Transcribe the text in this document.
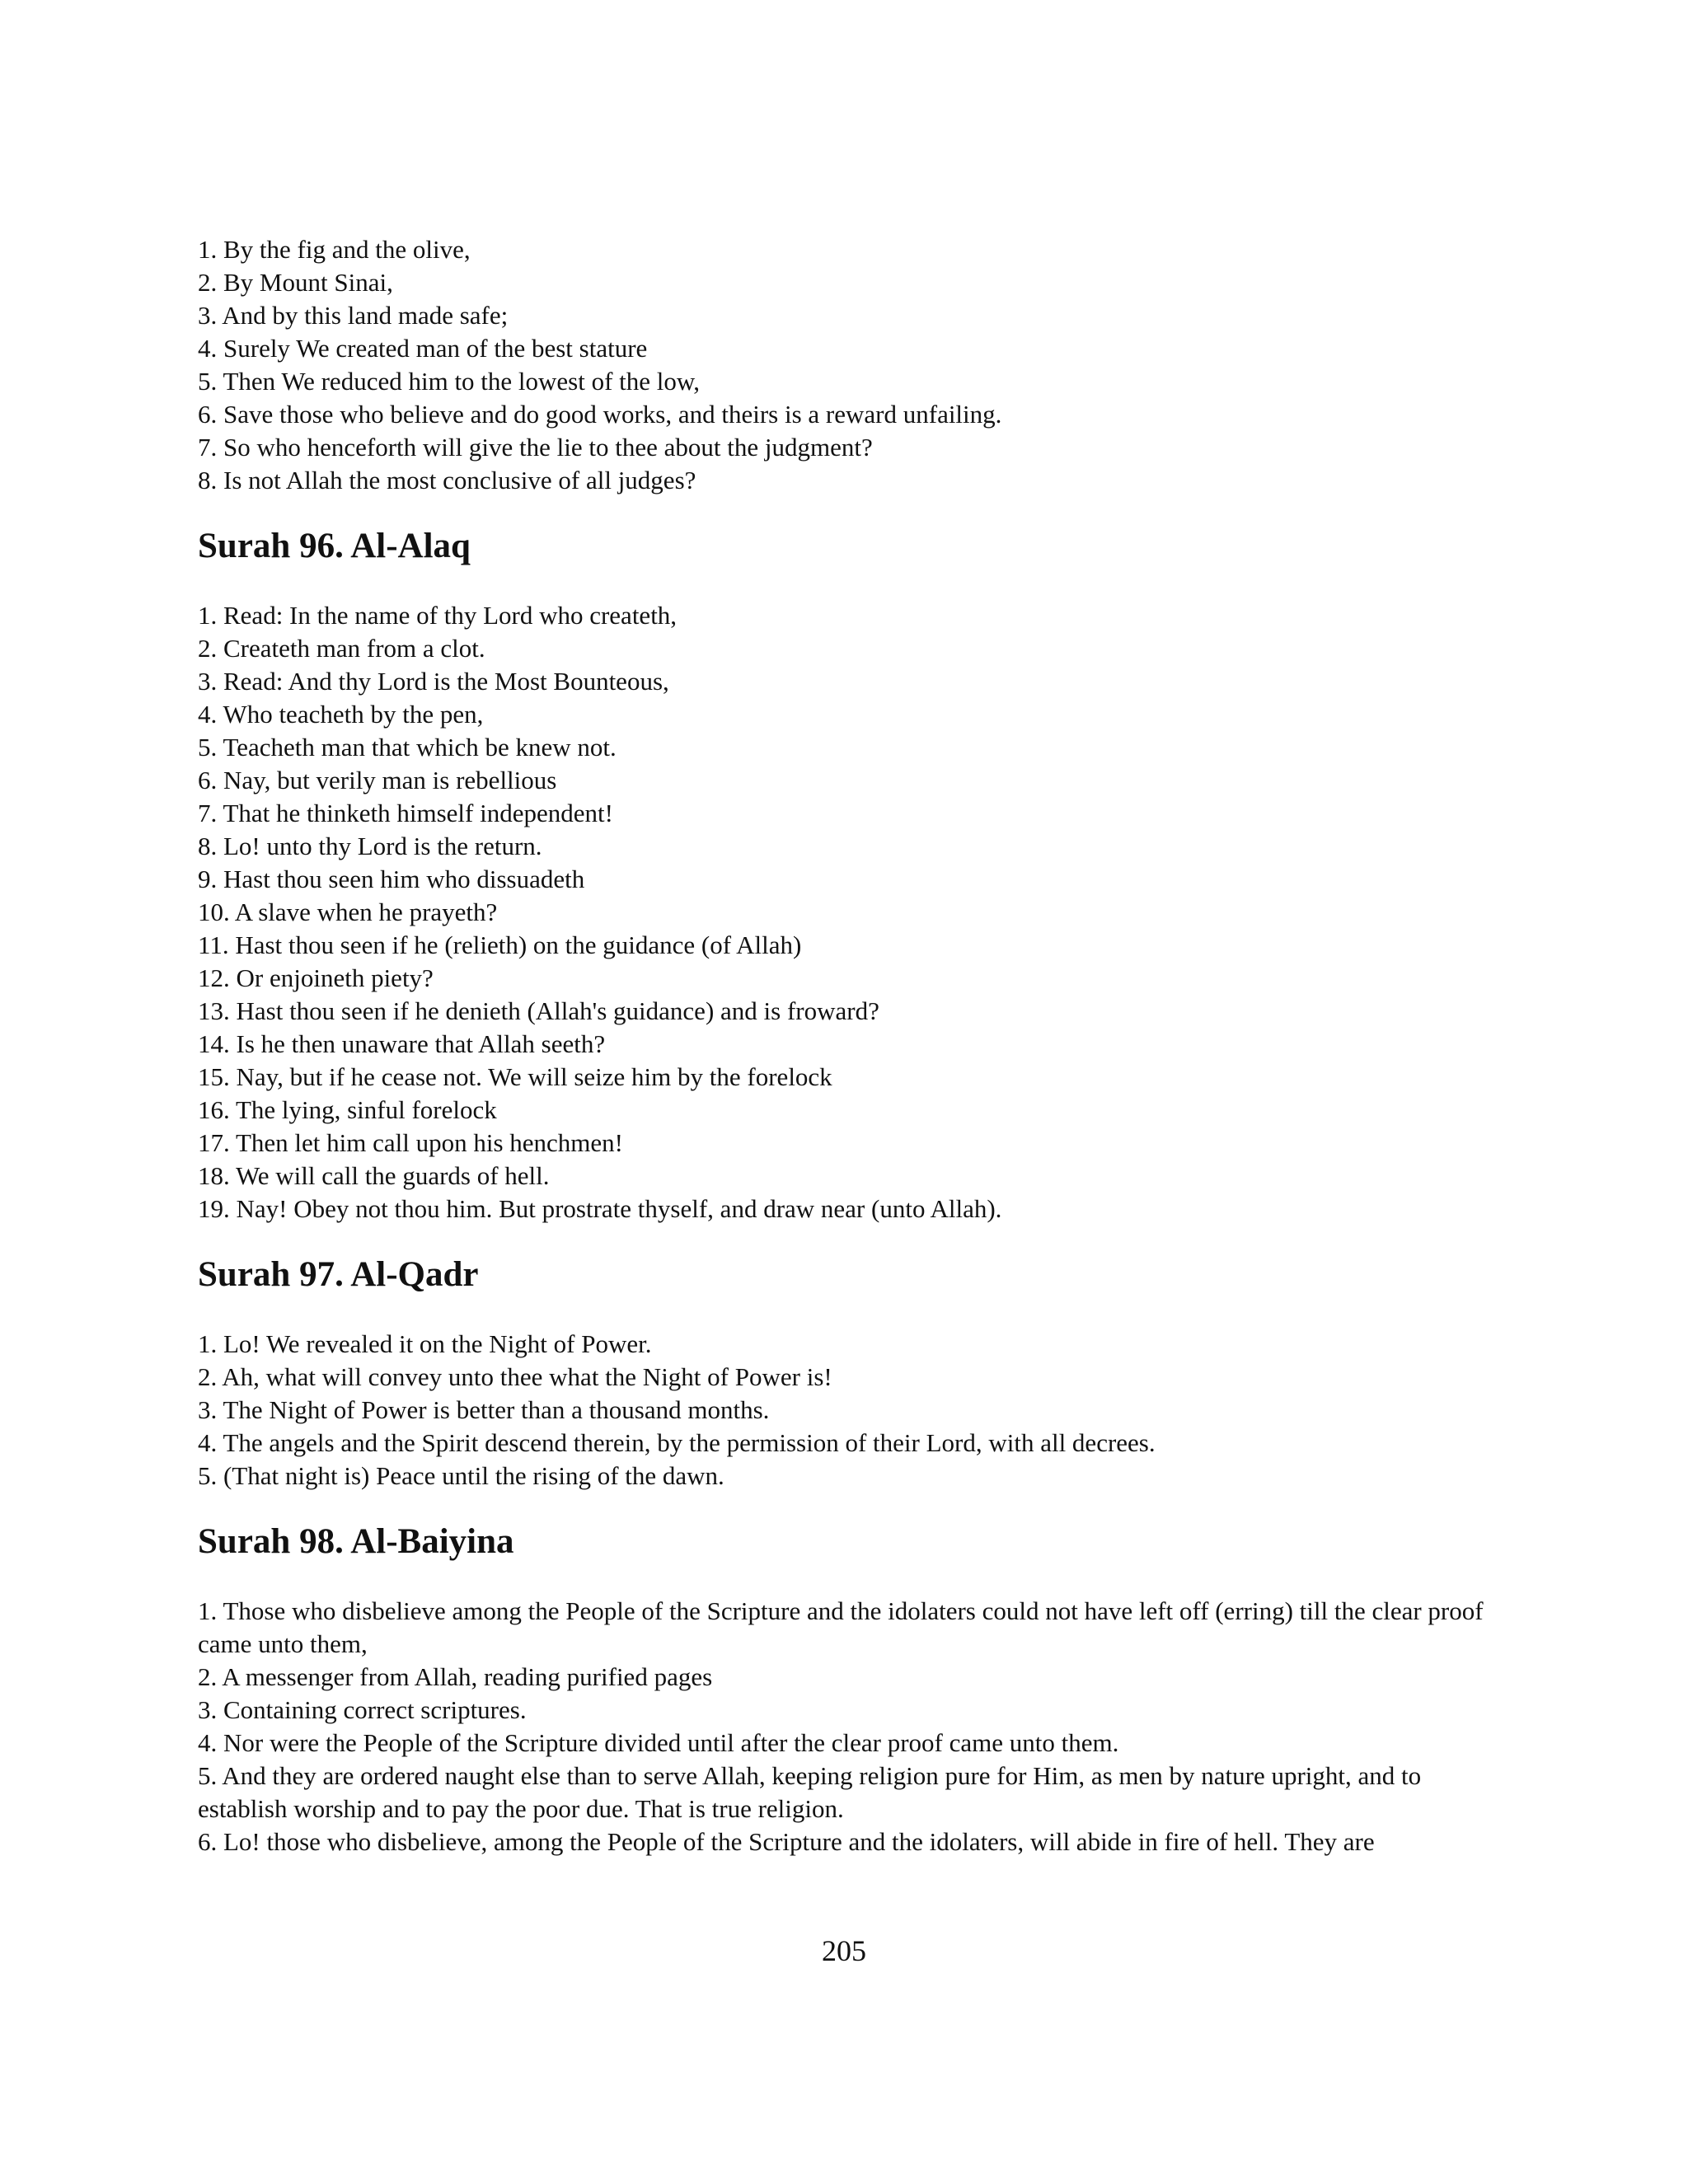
1. By the fig and the olive,

2. By Mount Sinai,

3. And by this land made safe;

4. Surely We created man of the best stature

5. Then We reduced him to the lowest of the low,

6. Save those who believe and do good works, and theirs is a reward unfailing.

7. So who henceforth will give the lie to thee about the judgment?

8. Is not Allah the most conclusive of all judges?

Surah 96. Al-Alaq

1. Read: In the name of thy Lord who createth,

2. Createth man from a clot.

3. Read: And thy Lord is the Most Bounteous,

4. Who teacheth by the pen,

5. Teacheth man that which be knew not.

6. Nay, but verily man is rebellious

7. That he thinketh himself independent!

8. Lo! unto thy Lord is the return.

9. Hast thou seen him who dissuadeth

10. A slave when he prayeth?

11. Hast thou seen if he (relieth) on the guidance (of Allah)

12. Or enjoineth piety?

13. Hast thou seen if he denieth (Allah's guidance) and is froward?

14. Is he then unaware that Allah seeth?

15. Nay, but if he cease not. We will seize him by the forelock

16. The lying, sinful forelock

17. Then let him call upon his henchmen!

18. We will call the guards of hell.

19. Nay! Obey not thou him. But prostrate thyself, and draw near (unto Allah).

Surah 97. Al-Qadr

1. Lo! We revealed it on the Night of Power.

2. Ah, what will convey unto thee what the Night of Power is!

3. The Night of Power is better than a thousand months.

4. The angels and the Spirit descend therein, by the permission of their Lord, with all decrees.

5. (That night is) Peace until the rising of the dawn.

Surah 98. Al-Baiyina

1. Those who disbelieve among the People of the Scripture and the idolaters could not have left off (erring) till the clear proof came unto them,

2. A messenger from Allah, reading purified pages

3. Containing correct scriptures.

4. Nor were the People of the Scripture divided until after the clear proof came unto them.

5. And they are ordered naught else than to serve Allah, keeping religion pure for Him, as men by nature upright, and to establish worship and to pay the poor due. That is true religion.

6. Lo! those who disbelieve, among the People of the Scripture and the idolaters, will abide in fire of hell. They are

205
